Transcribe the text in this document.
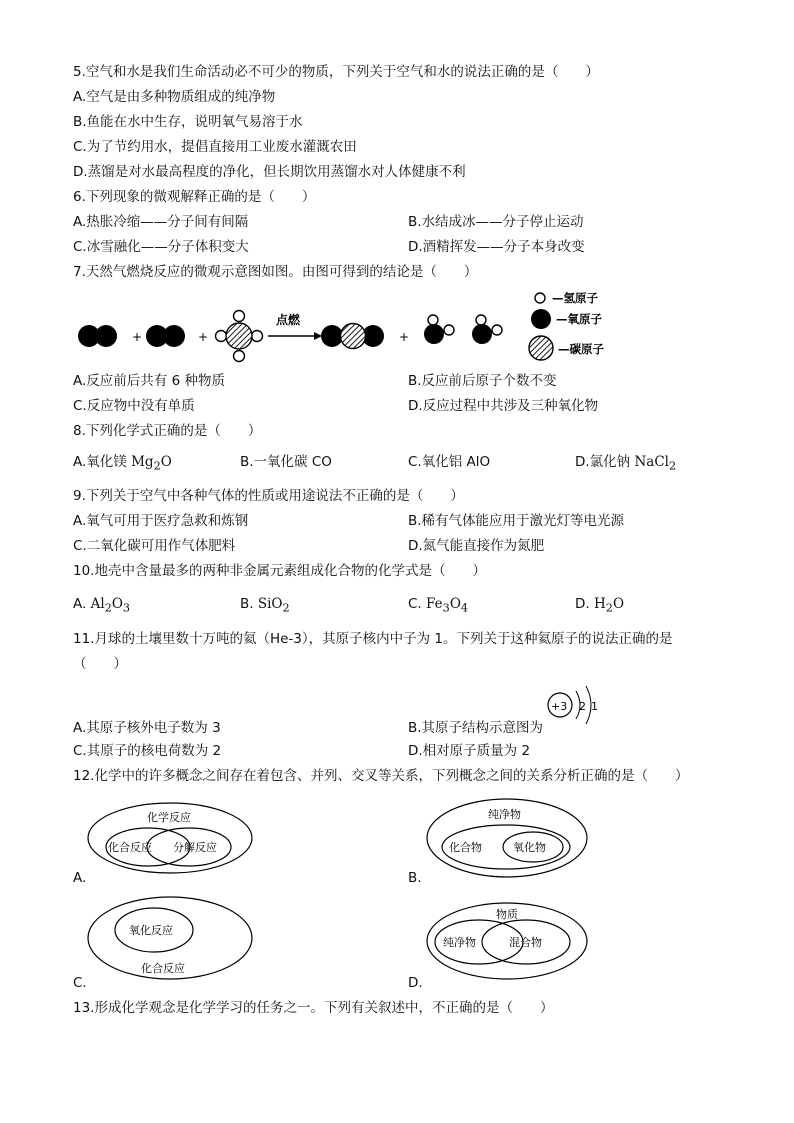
5.空气和水是我们生命活动必不可少的物质，下列关于空气和水的说法正确的是（　　）
A.空气是由多种物质组成的纯净物
B.鱼能在水中生存，说明氧气易溶于水
C.为了节约用水，提倡直接用工业废水灌溉农田
D.蒸馏是对水最高程度的净化，但长期饮用蒸馏水对人体健康不利
6.下列现象的微观解释正确的是（　　）
A.热胀冷缩——分子间有间隔	B.水结成冰——分子停止运动
C.冰雪融化——分子体积变大	D.酒精挥发——分子本身改变
7.天然气燃烧反应的微观示意图如图。由图可得到的结论是（　　）
+	+
点燃
+
—氢原子
—氧原子
—碳原子
A.反应前后共有 6 种物质	B.反应前后原子个数不变
C.反应物中没有单质	D.反应过程中共涉及三种氧化物
8.下列化学式正确的是（　　）
A.氧化镁 $Mg_2O$	B.一氧化碳 CO	C.氧化铝 AlO	D.氯化钠 NaCl$_2$
9.下列关于空气中各种气体的性质或用途说法不正确的是（　　）
A.氧气可用于医疗急救和炼钢	B.稀有气体能应用于激光灯等电光源
C.二氧化碳可用作气体肥料	D.氮气能直接作为氮肥
10.地壳中含量最多的两种非金属元素组成化合物的化学式是（　　）
A. $Al_2O_3$	B. SiO$_2$	C. $Fe_3O_4$	D. $H_2O$
11.月球的土壤里数十万吨的氦（He-3），其原子核内中子为 1。下列关于这种氦原子的说法正确的是
（　　）
+3 2 1
A.其原子核外电子数为 3	B.其原子结构示意图为
C.其原子的核电荷数为 2	D.相对原子质量为 2
12.化学中的许多概念之间存在着包含、并列、交叉等关系，下列概念之间的关系分析正确的是（　　）
化学反应
化合反应 分解反应
A.
纯净物
化合物	氧化物
B.
氧化反应
化合反应
C.
物质
纯净物	混合物
D.
13.形成化学观念是化学学习的任务之一。下列有关叙述中，不正确的是（　　）
